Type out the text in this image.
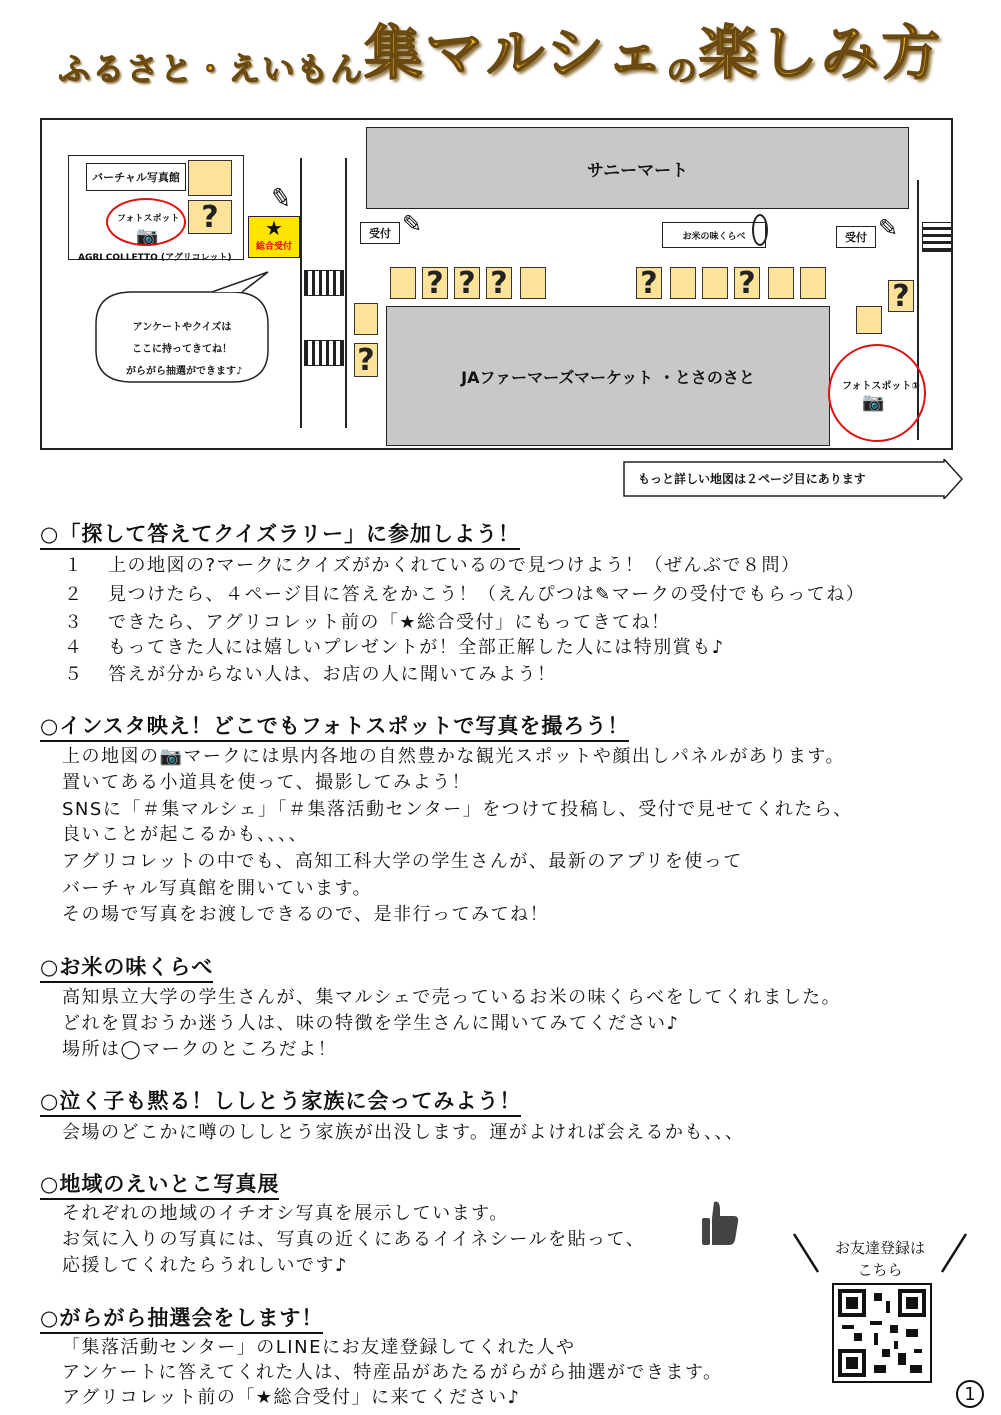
ふるさと・えいもん集マルシェの楽しみ方
サニーマート
バーチャル写真館
?
フォトスポット
📷
AGRI COLLETTO (アグリコレット)
★
総合受付
✎
受付 ✎	受付 ✎
お米の味くらべ
? ? ?	?	?
?	JAファーマーズマーケット ・とさのさと
?
フォトスポット①
📷
アンケートやクイズは
ここに持ってきてね！
がらがら抽選ができます♪
もっと詳しい地図は２ページ目にあります
○「探して答えてクイズラリー」に参加しよう！
１ 上の地図の?マークにクイズがかくれているので見つけよう！（ぜんぶで８問）
２ 見つけたら、４ページ目に答えをかこう！（えんぴつは✎マークの受付でもらってね）
３ できたら、アグリコレット前の「★総合受付」にもってきてね！
４ もってきた人には嬉しいプレゼントが！全部正解した人には特別賞も♪
５ 答えが分からない人は、お店の人に聞いてみよう！
○インスタ映え！どこでもフォトスポットで写真を撮ろう！
上の地図の📷マークには県内各地の自然豊かな観光スポットや顔出しパネルがあります。
置いてある小道具を使って、撮影してみよう！
SNSに「＃集マルシェ」「＃集落活動センター」をつけて投稿し、受付で見せてくれたら、
良いことが起こるかも、、、、
アグリコレットの中でも、高知工科大学の学生さんが、最新のアプリを使って
バーチャル写真館を開いています。
その場で写真をお渡しできるので、是非行ってみてね！
○お米の味くらべ
高知県立大学の学生さんが、集マルシェで売っているお米の味くらべをしてくれました。
どれを買おうか迷う人は、味の特徴を学生さんに聞いてみてください♪
場所は◯マークのところだよ！
○泣く子も黙る！ししとう家族に会ってみよう！
会場のどこかに噂のししとう家族が出没します。運がよければ会えるかも、、、
○地域のえいとこ写真展
それぞれの地域のイチオシ写真を展示しています。
お気に入りの写真には、写真の近くにあるイイネシールを貼って、
応援してくれたらうれしいです♪
○がらがら抽選会をします！
「集落活動センター」のLINEにお友達登録してくれた人や
アンケートに答えてくれた人は、特産品があたるがらがら抽選ができます。
アグリコレット前の「★総合受付」に来てください♪
お友達登録は
こちら
1
